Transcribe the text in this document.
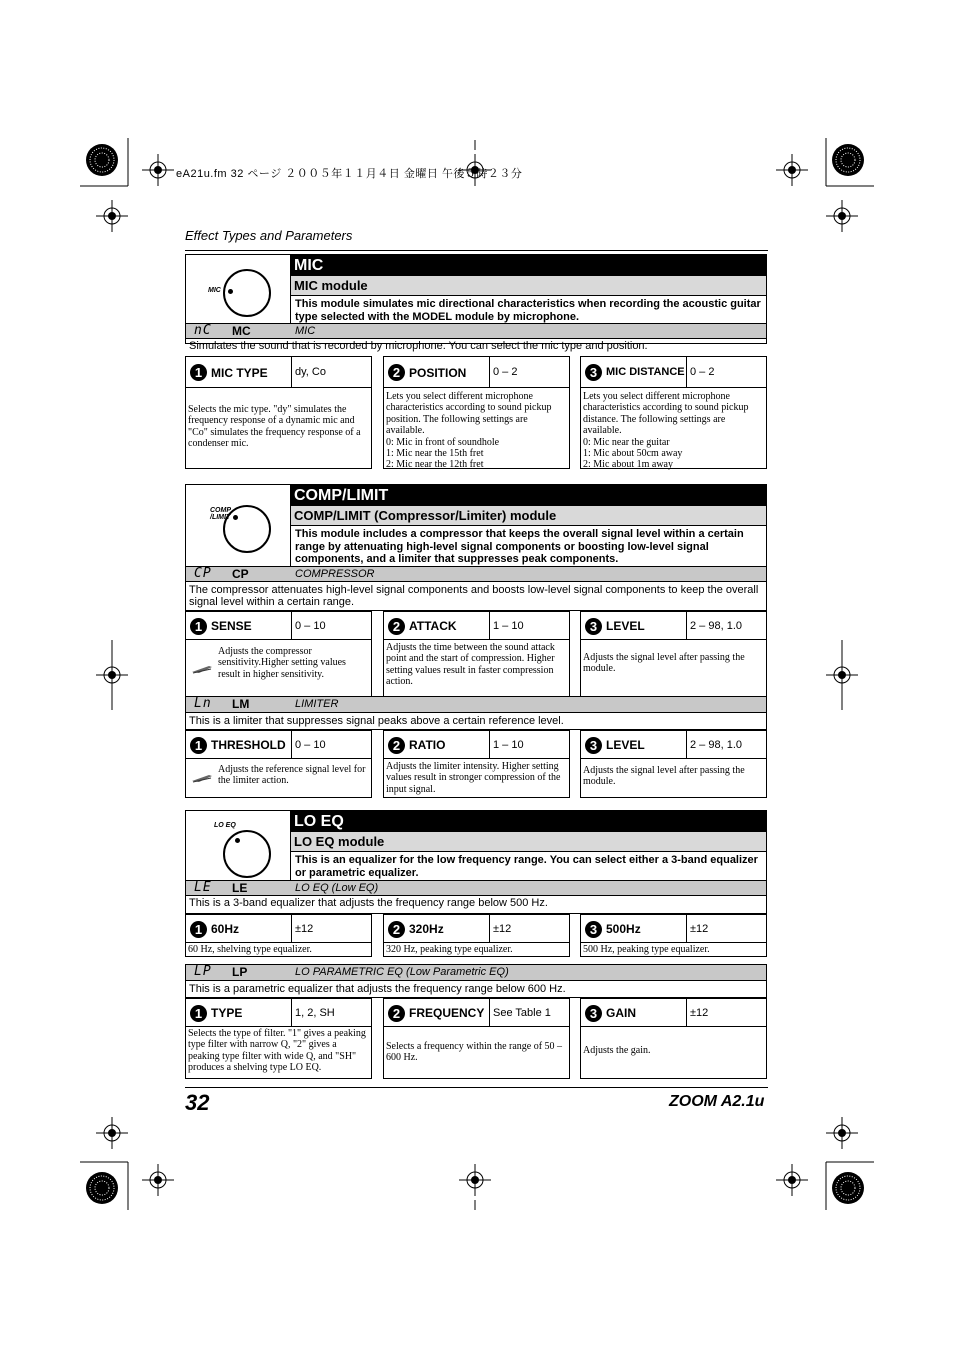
eA21u.fm 32 ページ ２００５年１１月４日 金曜日 午後５時２３分
Effect Types and Parameters
MIC
MIC
MIC module
This module simulates mic directional characteristics when recording the acoustic guitar type selected with the MODEL module by microphone.
nC MC	MIC
Simulates the sound that is recorded by microphone. You can select the mic type and position.
1 MIC TYPE	dy, Co
Selects the mic type. "dy" simulates the frequency response of a dynamic mic and "Co" simulates the frequency response of a condenser mic.
2 POSITION	0 – 2
Lets you select different microphone characteristics according to sound pickup position. The following settings are available.
0: Mic in front of soundhole
1: Mic near the 15th fret
2: Mic near the 12th fret
3 MIC DISTANCE 0 – 2
Lets you select different microphone characteristics according to sound pickup distance. The following settings are available.
0: Mic near the guitar
1: Mic about 50cm away
2: Mic about 1m away
COMP
/LIMIT
COMP/LIMIT
COMP/LIMIT (Compressor/Limiter) module
This module includes a compressor that keeps the overall signal level within a certain range by attenuating high-level signal components or boosting low-level signal components, and a limiter that suppresses peak components.
CP CP	COMPRESSOR
The compressor attenuates high-level signal components and boosts low-level signal components to keep the overall signal level within a certain range.
1 SENSE	0 – 10
Adjusts the compressor sensitivity.Higher setting values result in higher sensitivity.
2 ATTACK	1 – 10
Adjusts the time between the sound attack point and the start of compression. Higher setting values result in faster compression action.
3 LEVEL	2 – 98, 1.0
Adjusts the signal level after passing the module.
Ln LM	LIMITER
This is a limiter that suppresses signal peaks above a certain reference level.
1 THRESHOLD 0 – 10
Adjusts the reference signal level for the limiter action.
2 RATIO	1 – 10
Adjusts the limiter intensity. Higher setting values result in stronger compression of the input signal.
3 LEVEL	2 – 98, 1.0
Adjusts the signal level after passing the module.
LO EQ	LO EQ
LO EQ module
This is an equalizer for the low frequency range. You can select either a 3-band equalizer or parametric equalizer.
LE LE	LO EQ (Low EQ)
This is a 3-band equalizer that adjusts the frequency range below 500 Hz.
1 60Hz	±12
60 Hz, shelving type equalizer.
2 320Hz	±12
320 Hz, peaking type equalizer.
3 500Hz	±12
500 Hz, peaking type equalizer.
LP LP	LO PARAMETRIC EQ (Low Parametric EQ)
This is a parametric equalizer that adjusts the frequency range below 600 Hz.
1 TYPE	1, 2, SH
Selects the type of filter. "1" gives a peaking type filter with narrow Q, "2" gives a peaking type filter with wide Q, and "SH" produces a shelving type LO EQ.
2 FREQUENCY See Table 1
Selects a frequency within the range of 50 – 600 Hz.
3 GAIN	±12
Adjusts the gain.
32	ZOOM A2.1u
